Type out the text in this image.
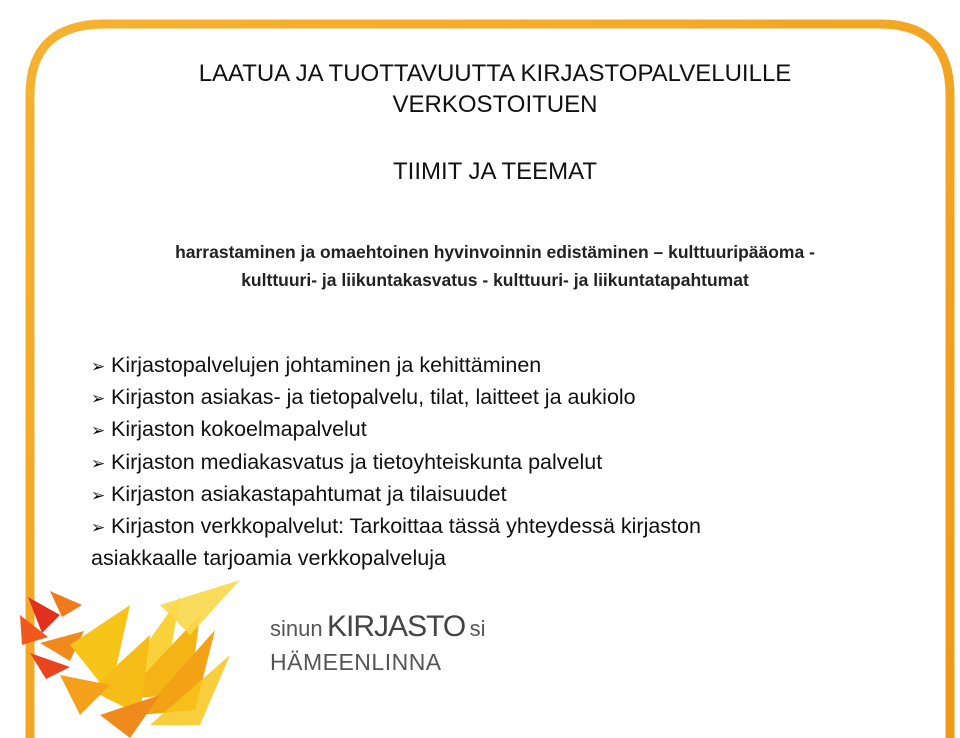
LAATUA JA TUOTTAVUUTTA KIRJASTOPALVELUILLE
VERKOSTOITUEN
TIIMIT JA TEEMAT
harrastaminen ja omaehtoinen hyvinvoinnin edistäminen – kulttuuripääoma -
kulttuuri- ja liikuntakasvatus - kulttuuri- ja liikuntatapahtumat
➢ Kirjastopalvelujen johtaminen ja kehittäminen
➢ Kirjaston asiakas- ja tietopalvelu, tilat, laitteet ja aukiolo
➢ Kirjaston kokoelmapalvelut
➢ Kirjaston mediakasvatus ja tietoyhteiskunta palvelut
➢ Kirjaston asiakastapahtumat ja tilaisuudet
➢ Kirjaston verkkopalvelut: Tarkoittaa tässä yhteydessä kirjaston
asiakkaalle tarjoamia verkkopalveluja
sinun KIRJASTO si
HÄMEENLINNA
